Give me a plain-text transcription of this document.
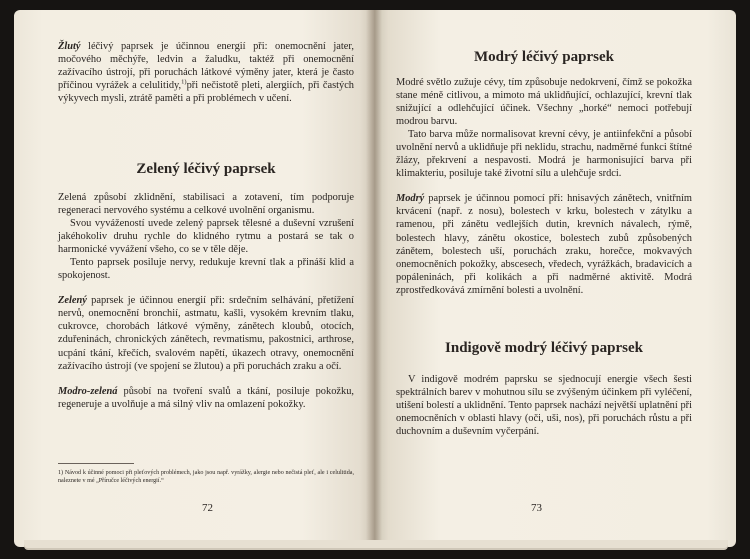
Žlutý léčivý paprsek je účinnou energií při: onemocnění jater, močového měchýře, ledvin a žaludku, taktéž při onemocnění zažívacího ústrojí, při poruchách látkové výměny jater, která je často příčinou vyrážek a celulitidy,$^{1)}$při nečistotě pleti, alergiích, při častých výkyvech mysli, ztrátě paměti a při problémech v učení.

Zelený léčivý paprsek

Zelená způsobí zklidnění, stabilisaci a zotavení, tím podporuje regeneraci nervového systému a celkové uvolnění organismu.

Svou vyvážeností uvede zelený paprsek tělesné a duševní vzrušení jakéhokoliv druhu rychle do klidného rytmu a postará se tak o harmonické vyvážení všeho, co se v těle děje.

Tento paprsek posiluje nervy, redukuje krevní tlak a přináší klid a spokojenost.

Zelený paprsek je účinnou energií při: srdečním selhávání, přetížení nervů, onemocnění bronchií, astmatu, kašli, vysokém krevním tlaku, cukrovce, chorobách látkové výměny, zánětech kloubů, otocích, zduřeninách, chronických zánětech, revmatismu, pakostnici, arthrose, ucpání tkání, křečích, svalovém napětí, úkazech otravy, onemocnění zažívacího ústrojí (ve spojení se žlutou) a při poruchách zraku a očí.

Modro-zelená působí na tvoření svalů a tkání, posiluje pokožku, regeneruje a uvolňuje a má silný vliv na omlazení pokožky.

1) Návod k účinné pomoci při pleťových problémech, jako jsou např. vyrážky, alergie nebo nečistá pleť, ale i celulitida, naleznete v mé „Příručce léčivých energií.“
72
Modrý léčivý paprsek

Modré světlo zužuje cévy, tím způsobuje nedokrvení, čímž se pokožka stane méně citlivou, a mimoto má uklidňující, ochlazující, krevní tlak snižující a odlehčující účinek. Všechny „horké“ nemoci potřebují modrou barvu.

Tato barva může normalisovat krevní cévy, je antiinfekční a působí uvolnění nervů a uklidňuje při neklidu, strachu, nadměrné funkci štítné žlázy, překrvení a nespavosti. Modrá je harmonisující barva při klimakteriu, posiluje také životní sílu a ulehčuje srdci.

Modrý paprsek je účinnou pomocí při: hnisavých zánětech, vnitřním krvácení (např. z nosu), bolestech v krku, bolestech v zátylku a ramenou, při zánětu vedlejších dutin, krevních návalech, rýmě, bolestech hlavy, zánětu okostice, bolestech zubů způsobených zánětem, bolestech uší, poruchách zraku, horečce, mokvavých onemocněních pokožky, abscesech, vředech, vyrážkách, bradavicích a popáleninách, při kolikách a při nadměrné aktivitě. Modrá zprostředkovává zmírnění bolesti a uvolnění.

Indigově modrý léčivý paprsek

V indigově modrém paprsku se sjednocují energie všech šesti spektrálních barev v mohutnou sílu se zvýšeným účinkem při vyléčení, utišení bolestí a uklidnění. Tento paprsek nachází největší uplatnění při onemocněních v oblasti hlavy (oči, uši, nos), při poruchách růstu a při duchovním a duševním vyčerpání.

73
